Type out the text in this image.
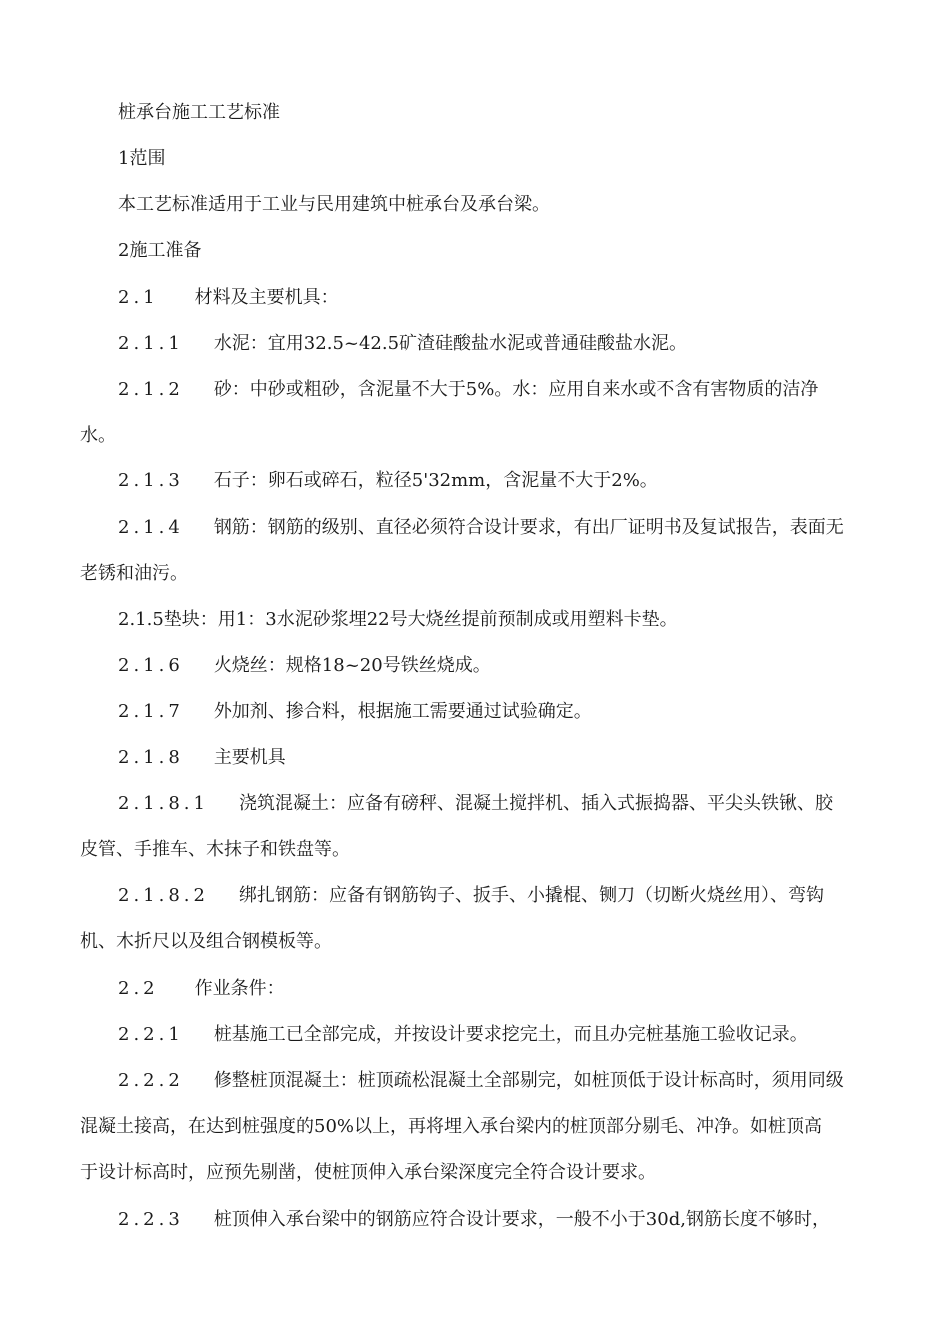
桩承台施工工艺标准
1范围
本工艺标准适用于工业与民用建筑中桩承台及承台梁。
2施工准备
2.1 材料及主要机具：
2.1.1 水泥：宜用32.5~42.5矿渣硅酸盐水泥或普通硅酸盐水泥。
2.1.2 砂：中砂或粗砂，含泥量不大于5%。水：应用自来水或不含有害物质的洁净
水。
2.1.3 石子：卵石或碎石，粒径5'32mm，含泥量不大于2%。
2.1.4 钢筋：钢筋的级别、直径必须符合设计要求，有出厂证明书及复试报告，表面无
老锈和油污。
2.1.5垫块：用1：3水泥砂浆埋22号大烧丝提前预制成或用塑料卡垫。
2.1.6 火烧丝：规格18~20号铁丝烧成。
2.1.7 外加剂、掺合料，根据施工需要通过试验确定。
2.1.8 主要机具
2.1.8.1 浇筑混凝土：应备有磅秤、混凝土搅拌机、插入式振捣器、平尖头铁锹、胶
皮管、手推车、木抹子和铁盘等。
2.1.8.2 绑扎钢筋：应备有钢筋钩子、扳手、小撬棍、铡刀（切断火烧丝用）、弯钩
机、木折尺以及组合钢模板等。
2.2 作业条件：
2.2.1 桩基施工已全部完成，并按设计要求挖完土，而且办完桩基施工验收记录。
2.2.2 修整桩顶混凝土：桩顶疏松混凝土全部剔完，如桩顶低于设计标高时，须用同级
混凝土接高，在达到桩强度的50%以上，再将埋入承台梁内的桩顶部分剔毛、冲净。如桩顶高
于设计标高时，应预先剔凿，使桩顶伸入承台梁深度完全符合设计要求。
2.2.3 桩顶伸入承台梁中的钢筋应符合设计要求，一般不小于30d,钢筋长度不够时，
